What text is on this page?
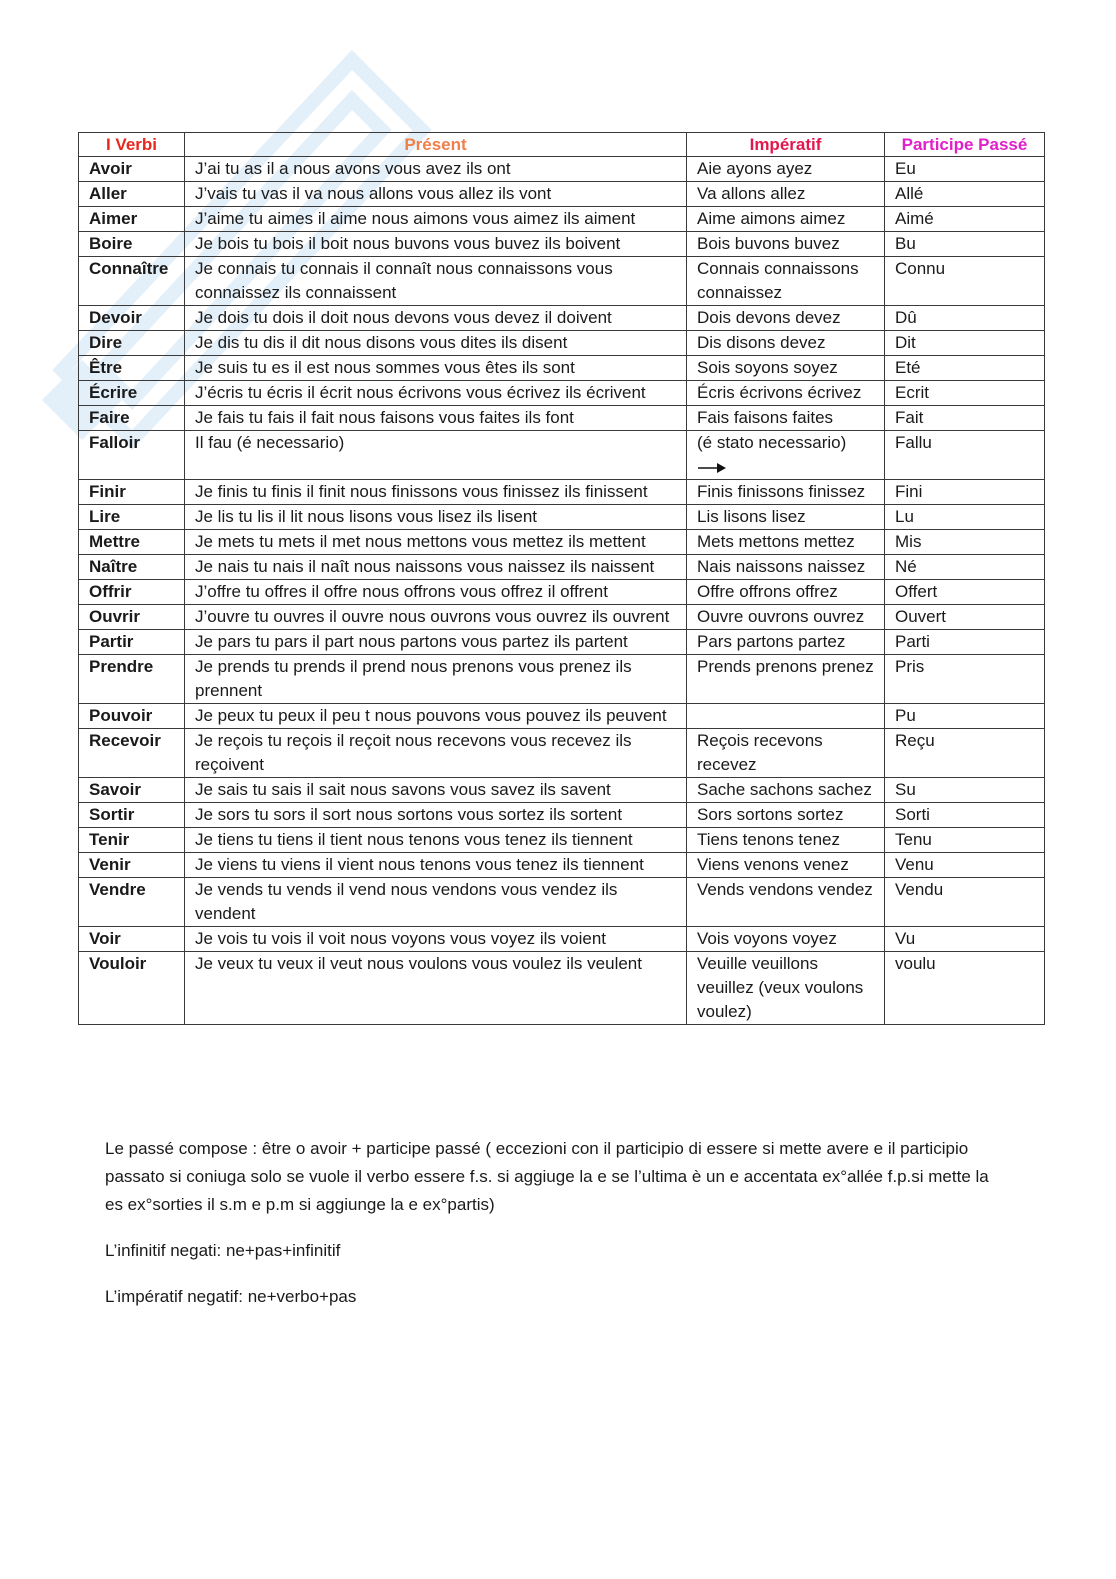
I Verbi	Présent	Impératif	Participe Passé
Avoir	J’ai tu as il a nous avons vous avez ils ont	Aie ayons ayez	Eu
Aller	J’vais tu vas il va nous allons vous allez ils vont	Va allons allez	Allé
Aimer	J’aime tu aimes il aime nous aimons vous aimez ils aiment	Aime aimons aimez	Aimé
Boire	Je bois tu bois il boit nous buvons vous buvez ils boivent	Bois buvons buvez	Bu
Connaître	Je connais tu connais il connaît nous connaissons vous connaissez ils connaissent	Connais connaissons connaissez	Connu
Devoir	Je dois tu dois il doit nous devons vous devez il doivent	Dois devons devez	Dû
Dire	Je dis tu dis il dit nous disons vous dites ils disent	Dis disons devez	Dit
Être	Je suis tu es il est nous sommes vous êtes ils sont	Sois soyons soyez	Eté
Écrire	J’écris tu écris il écrit nous écrivons vous écrivez ils écrivent	Écris écrivons écrivez	Ecrit
Faire	Je fais tu fais il fait nous faisons vous faites ils font	Fais faisons faites	Fait
Falloir	Il fau (é necessario)	(é stato necessario)	Fallu
Finir	Je finis tu finis il finit nous finissons vous finissez ils finissent	Finis finissons finissez	Fini
Lire	Je lis tu lis il lit nous lisons vous lisez ils lisent	Lis lisons lisez	Lu
Mettre	Je mets tu mets il met nous mettons vous mettez ils mettent	Mets mettons mettez	Mis
Naître	Je nais tu nais il naît nous naissons vous naissez ils naissent	Nais naissons naissez	Né
Offrir	J’offre tu offres il offre nous offrons vous offrez il offrent	Offre offrons offrez	Offert
Ouvrir	J’ouvre tu ouvres il ouvre nous ouvrons vous ouvrez ils ouvrent	Ouvre ouvrons ouvrez	Ouvert
Partir	Je pars tu pars il part nous partons vous partez ils partent	Pars partons partez	Parti
Prendre	Je prends tu prends il prend nous prenons vous prenez ils prennent	Prends prenons prenez	Pris
Pouvoir	Je peux tu peux il peu t nous pouvons vous pouvez ils peuvent		Pu
Recevoir	Je reçois tu reçois il reçoit nous recevons vous recevez ils reçoivent	Reçois recevons recevez	Reçu
Savoir	Je sais tu sais il sait nous savons vous savez ils savent	Sache sachons sachez	Su
Sortir	Je sors tu sors il sort nous sortons vous sortez ils sortent	Sors sortons sortez	Sorti
Tenir	Je tiens tu tiens il tient nous tenons vous tenez ils tiennent	Tiens tenons tenez	Tenu
Venir	Je viens tu viens il vient nous tenons vous tenez ils tiennent	Viens venons venez	Venu
Vendre	Je vends tu vends il vend nous vendons vous vendez ils vendent	Vends vendons vendez	Vendu
Voir	Je vois tu vois il voit nous voyons vous voyez ils voient	Vois voyons voyez	Vu
Vouloir	Je veux tu veux il veut nous voulons vous voulez ils veulent	Veuille veuillons veuillez (veux voulons voulez)	voulu

Le passé compose : être o avoir + participe passé ( eccezioni con il participio di essere si mette avere e il participio passato si coniuga solo se vuole il verbo essere f.s. si aggiuge la e se l’ultima è un e accentata ex°allée f.p.si mette la es ex°sorties il s.m e p.m si aggiunge la e ex°partis)

L’infinitif negati: ne+pas+infinitif

L’impératif negatif: ne+verbo+pas
